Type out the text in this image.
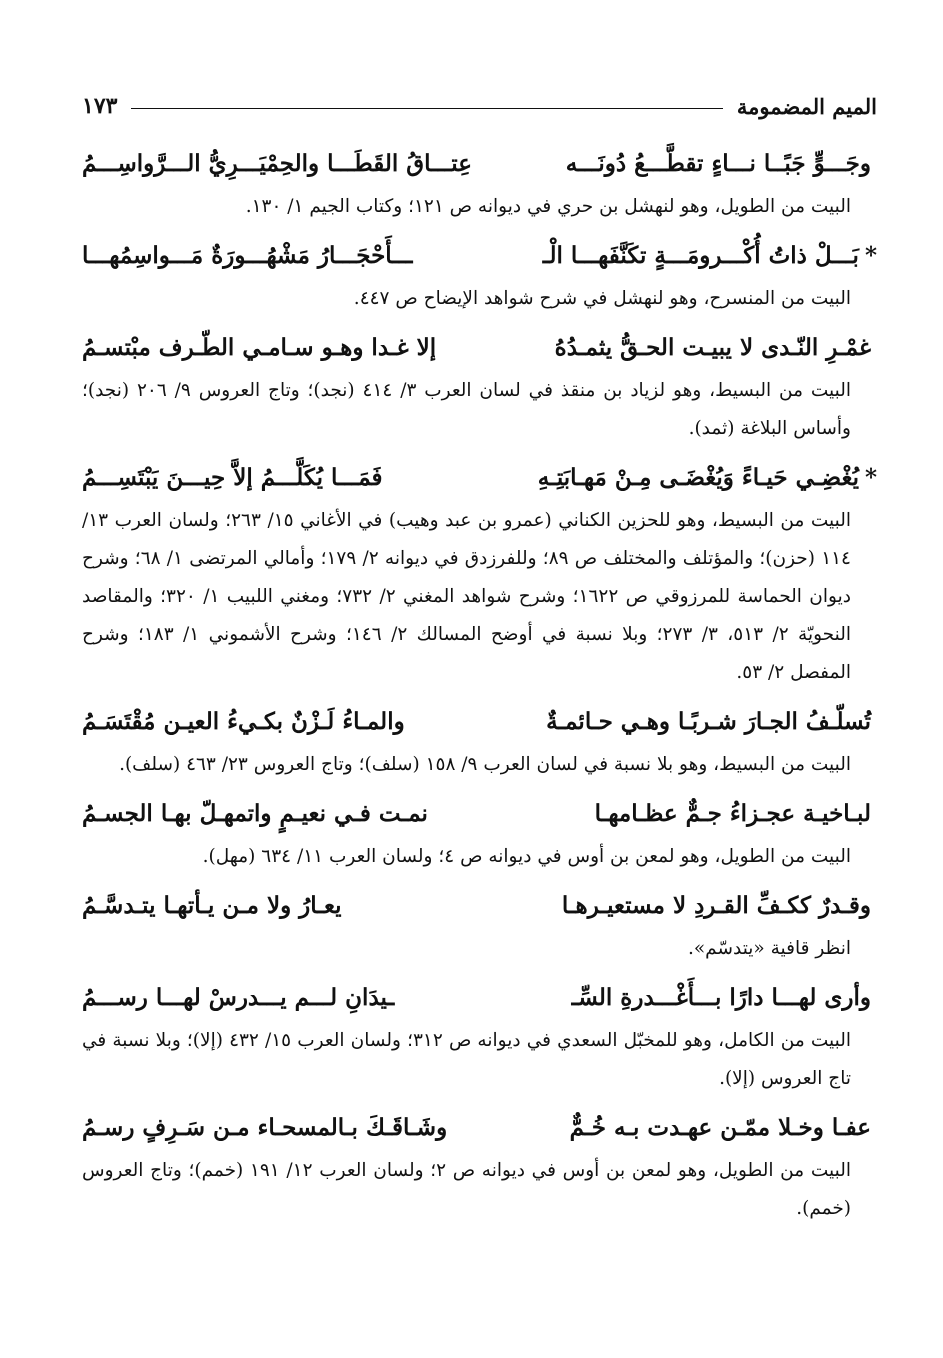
الميم المضمومة
١٧٣
وجَـــوٍّ جَبًــا نـــاءٍ تقطَّـــعُ دُونَـــه
عِتـــاقُ القَطَـــا والحِمْيَـــرِيُّ الـــرَّواسِـــمُ
البيت من الطويل، وهو لنهشل بن حري في ديوانه ص ١٢١؛ وكتاب الجيم ١/ ١٣٠.
*بَـــلْ ذاتُ أُكْـــرومَـــةٍ تكَنَّفَهـــا الْـ
ـــأَحْجَـــارُ مَشْهُـــورَةٌ مَـــواسِمُهـــا
البيت من المنسرح، وهو لنهشل في شرح شواهد الإيضاح ص ٤٤٧.
غمْـرِ النّـدى لا يبيـت الحـقُّ يثمـدُهُ
إلا غـدا وهـو سـامـي الطّـرف مبْتسـمُ
البيت من البسيط، وهو لزياد بن منقذ في لسان العرب ٣/ ٤١٤ (نجد)؛ وتاج العروس ٩/ ٢٠٦ (نجد)؛ وأساس البلاغة (ثمد).
*يُغْضِـي حَيـاءً وَيُغْضَـى مِـنْ مَهـابَتِـهِ
فَمَـــا يُكَلَّـــمُ إلاَّ حِيـــنَ يَبْتَسِـــمُ
البيت من البسيط، وهو للحزين الكناني (عمرو بن عبد وهيب) في الأغاني ١٥/ ٢٦٣؛ ولسان العرب ١٣/ ١١٤ (حزن)؛ والمؤتلف والمختلف ص ٨٩؛ وللفرزدق في ديوانه ٢/ ١٧٩؛ وأمالي المرتضى ١/ ٦٨؛ وشرح ديوان الحماسة للمرزوقي ص ١٦٢٢؛ وشرح شواهد المغني ٢/ ٧٣٢؛ ومغني اللبيب ١/ ٣٢٠؛ والمقاصد النحويّة ٢/ ٥١٣، ٣/ ٢٧٣؛ وبلا نسبة في أوضح المسالك ٢/ ١٤٦؛ وشرح الأشموني ١/ ١٨٣؛ وشرح المفصل ٢/ ٥٣.
تُسلّـفُ الجـارَ شـربًـا وهـي حـائمـةٌ
والمـاءُ لَـزْنٌ بكـيءُ العيـن مُقْتَسَـمُ
البيت من البسيط، وهو بلا نسبة في لسان العرب ٩/ ١٥٨ (سلف)؛ وتاج العروس ٢٣/ ٤٦٣ (سلف).
لبـاخيـة عجـزاءُ جـمٌّ عظـامهـا
نمـت فـي نعيـمٍ واتمهـلّ بهـا الجسـمُ
البيت من الطويل، وهو لمعن بن أوس في ديوانه ص ٤؛ ولسان العرب ١١/ ٦٣٤ (مهل).
وقـدرٌ ككـفِّ القـردِ لا مستعيـرهـا
يعـارُ ولا مـن يـأتهـا يتـدسَّـمُ
انظر قافية «يتدسّم».
وأرى لهـــا دارًا بـــأَغْـــدرةِ السِّـ
ـيدَانِ لـــم يـــدرسْ لهـــا رســـمُ
البيت من الكامل، وهو للمخبّل السعدي في ديوانه ص ٣١٢؛ ولسان العرب ١٥/ ٤٣٢ (إلا)؛ وبلا نسبة في تاج العروس (إلا).
عفـا وخـلا ممّـن عهـدت بـه خُـمٌّ
وشَـاقَـكَ بـالمسحـاء مـن سَـرِفٍ رسـمُ
البيت من الطويل، وهو لمعن بن أوس في ديوانه ص ٢؛ ولسان العرب ١٢/ ١٩١ (خمم)؛ وتاج العروس (خمم).
